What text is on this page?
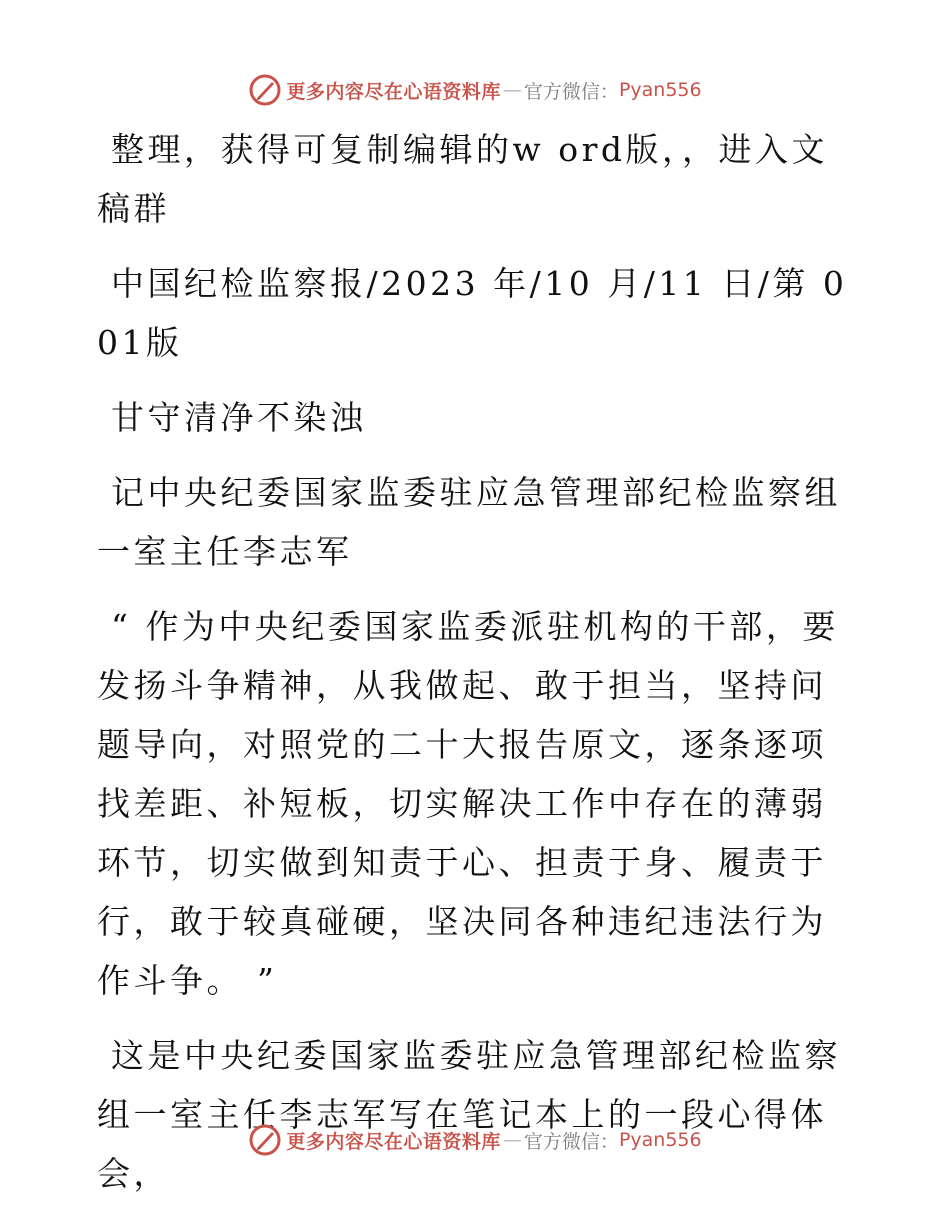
更多内容尽在心语资料库 — 官方微信： Pyan556

整理，获得可复制编辑的w ord版，，进入文稿群

中国纪检监察报/2023 年/10 月/11 日/第 001版

甘守清净不染浊

记中央纪委国家监委驻应急管理部纪检监察组一室主任李志军

“ 作为中央纪委国家监委派驻机构的干部，要发扬斗争精神，从我做起、敢于担当，坚持问题导向，对照党的二十大报告原文，逐条逐项找差距、补短板，切实解决工作中存在的薄弱环节，切实做到知责于心、担责于身、履责于行，敢于较真碰硬，坚决同各种违纪违法行为作斗争。 ”

这是中央纪委国家监委驻应急管理部纪检监察组一室主任李志军写在笔记本上的一段心得体会，

更多内容尽在心语资料库 — 官方微信： Pyan556
